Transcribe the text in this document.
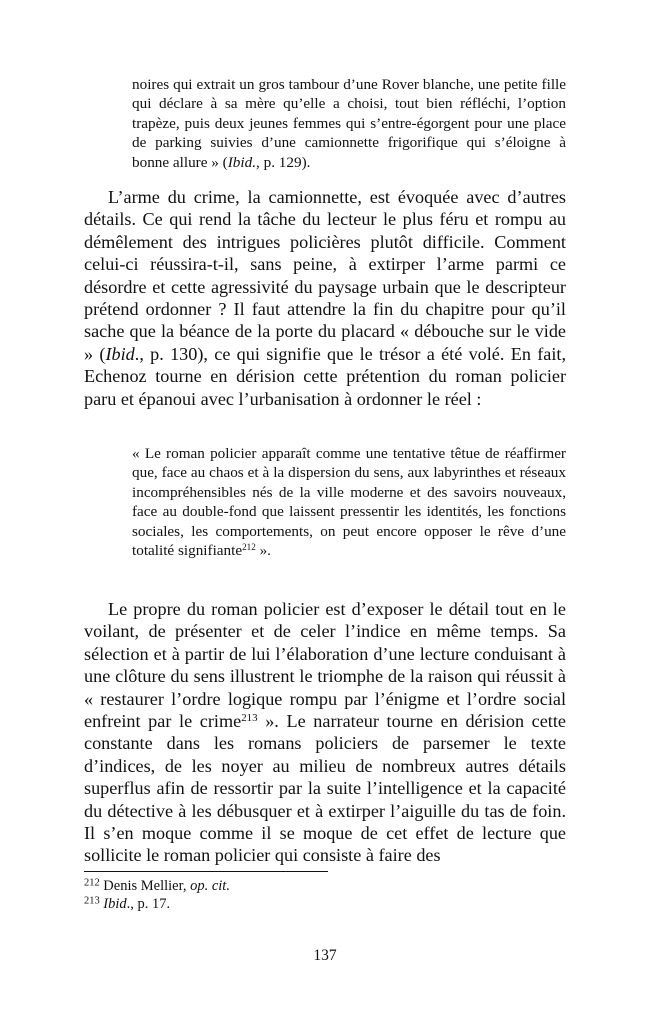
noires qui extrait un gros tambour d’une Rover blanche, une petite fille qui déclare à sa mère qu’elle a choisi, tout bien réfléchi, l’option trapèze, puis deux jeunes femmes qui s’entre-égorgent pour une place de parking suivies d’une camionnette frigorifique qui s’éloigne à bonne allure » (Ibid., p. 129).

L’arme du crime, la camionnette, est évoquée avec d’autres détails. Ce qui rend la tâche du lecteur le plus féru et rompu au démêlement des intrigues policières plutôt difficile. Comment celui-ci réussira-t-il, sans peine, à extirper l’arme parmi ce désordre et cette agressivité du paysage urbain que le descripteur prétend ordonner ? Il faut attendre la fin du chapitre pour qu’il sache que la béance de la porte du placard « débouche sur le vide » (Ibid., p. 130), ce qui signifie que le trésor a été volé. En fait, Echenoz tourne en dérision cette prétention du roman policier paru et épanoui avec l’urbanisation à ordonner le réel :

« Le roman policier apparaît comme une tentative têtue de réaffirmer que, face au chaos et à la dispersion du sens, aux labyrinthes et réseaux incompréhensibles nés de la ville moderne et des savoirs nouveaux, face au double-fond que laissent pressentir les identités, les fonctions sociales, les comportements, on peut encore opposer le rêve d’une totalité signifiante$^{212}$ ».

Le propre du roman policier est d’exposer le détail tout en le voilant, de présenter et de celer l’indice en même temps. Sa sélection et à partir de lui l’élaboration d’une lecture conduisant à une clôture du sens illustrent le triomphe de la raison qui réussit à « restaurer l’ordre logique rompu par l’énigme et l’ordre social enfreint par le crime$^{213}$ ». Le narrateur tourne en dérision cette constante dans les romans policiers de parsemer le texte d’indices, de les noyer au milieu de nombreux autres détails superflus afin de ressortir par la suite l’intelligence et la capacité du détective à les débusquer et à extirper l’aiguille du tas de foin. Il s’en moque comme il se moque de cet effet de lecture que sollicite le roman policier qui consiste à faire des

$^{212}$ Denis Mellier, op. cit.
$^{213}$ Ibid., p. 17.
137
